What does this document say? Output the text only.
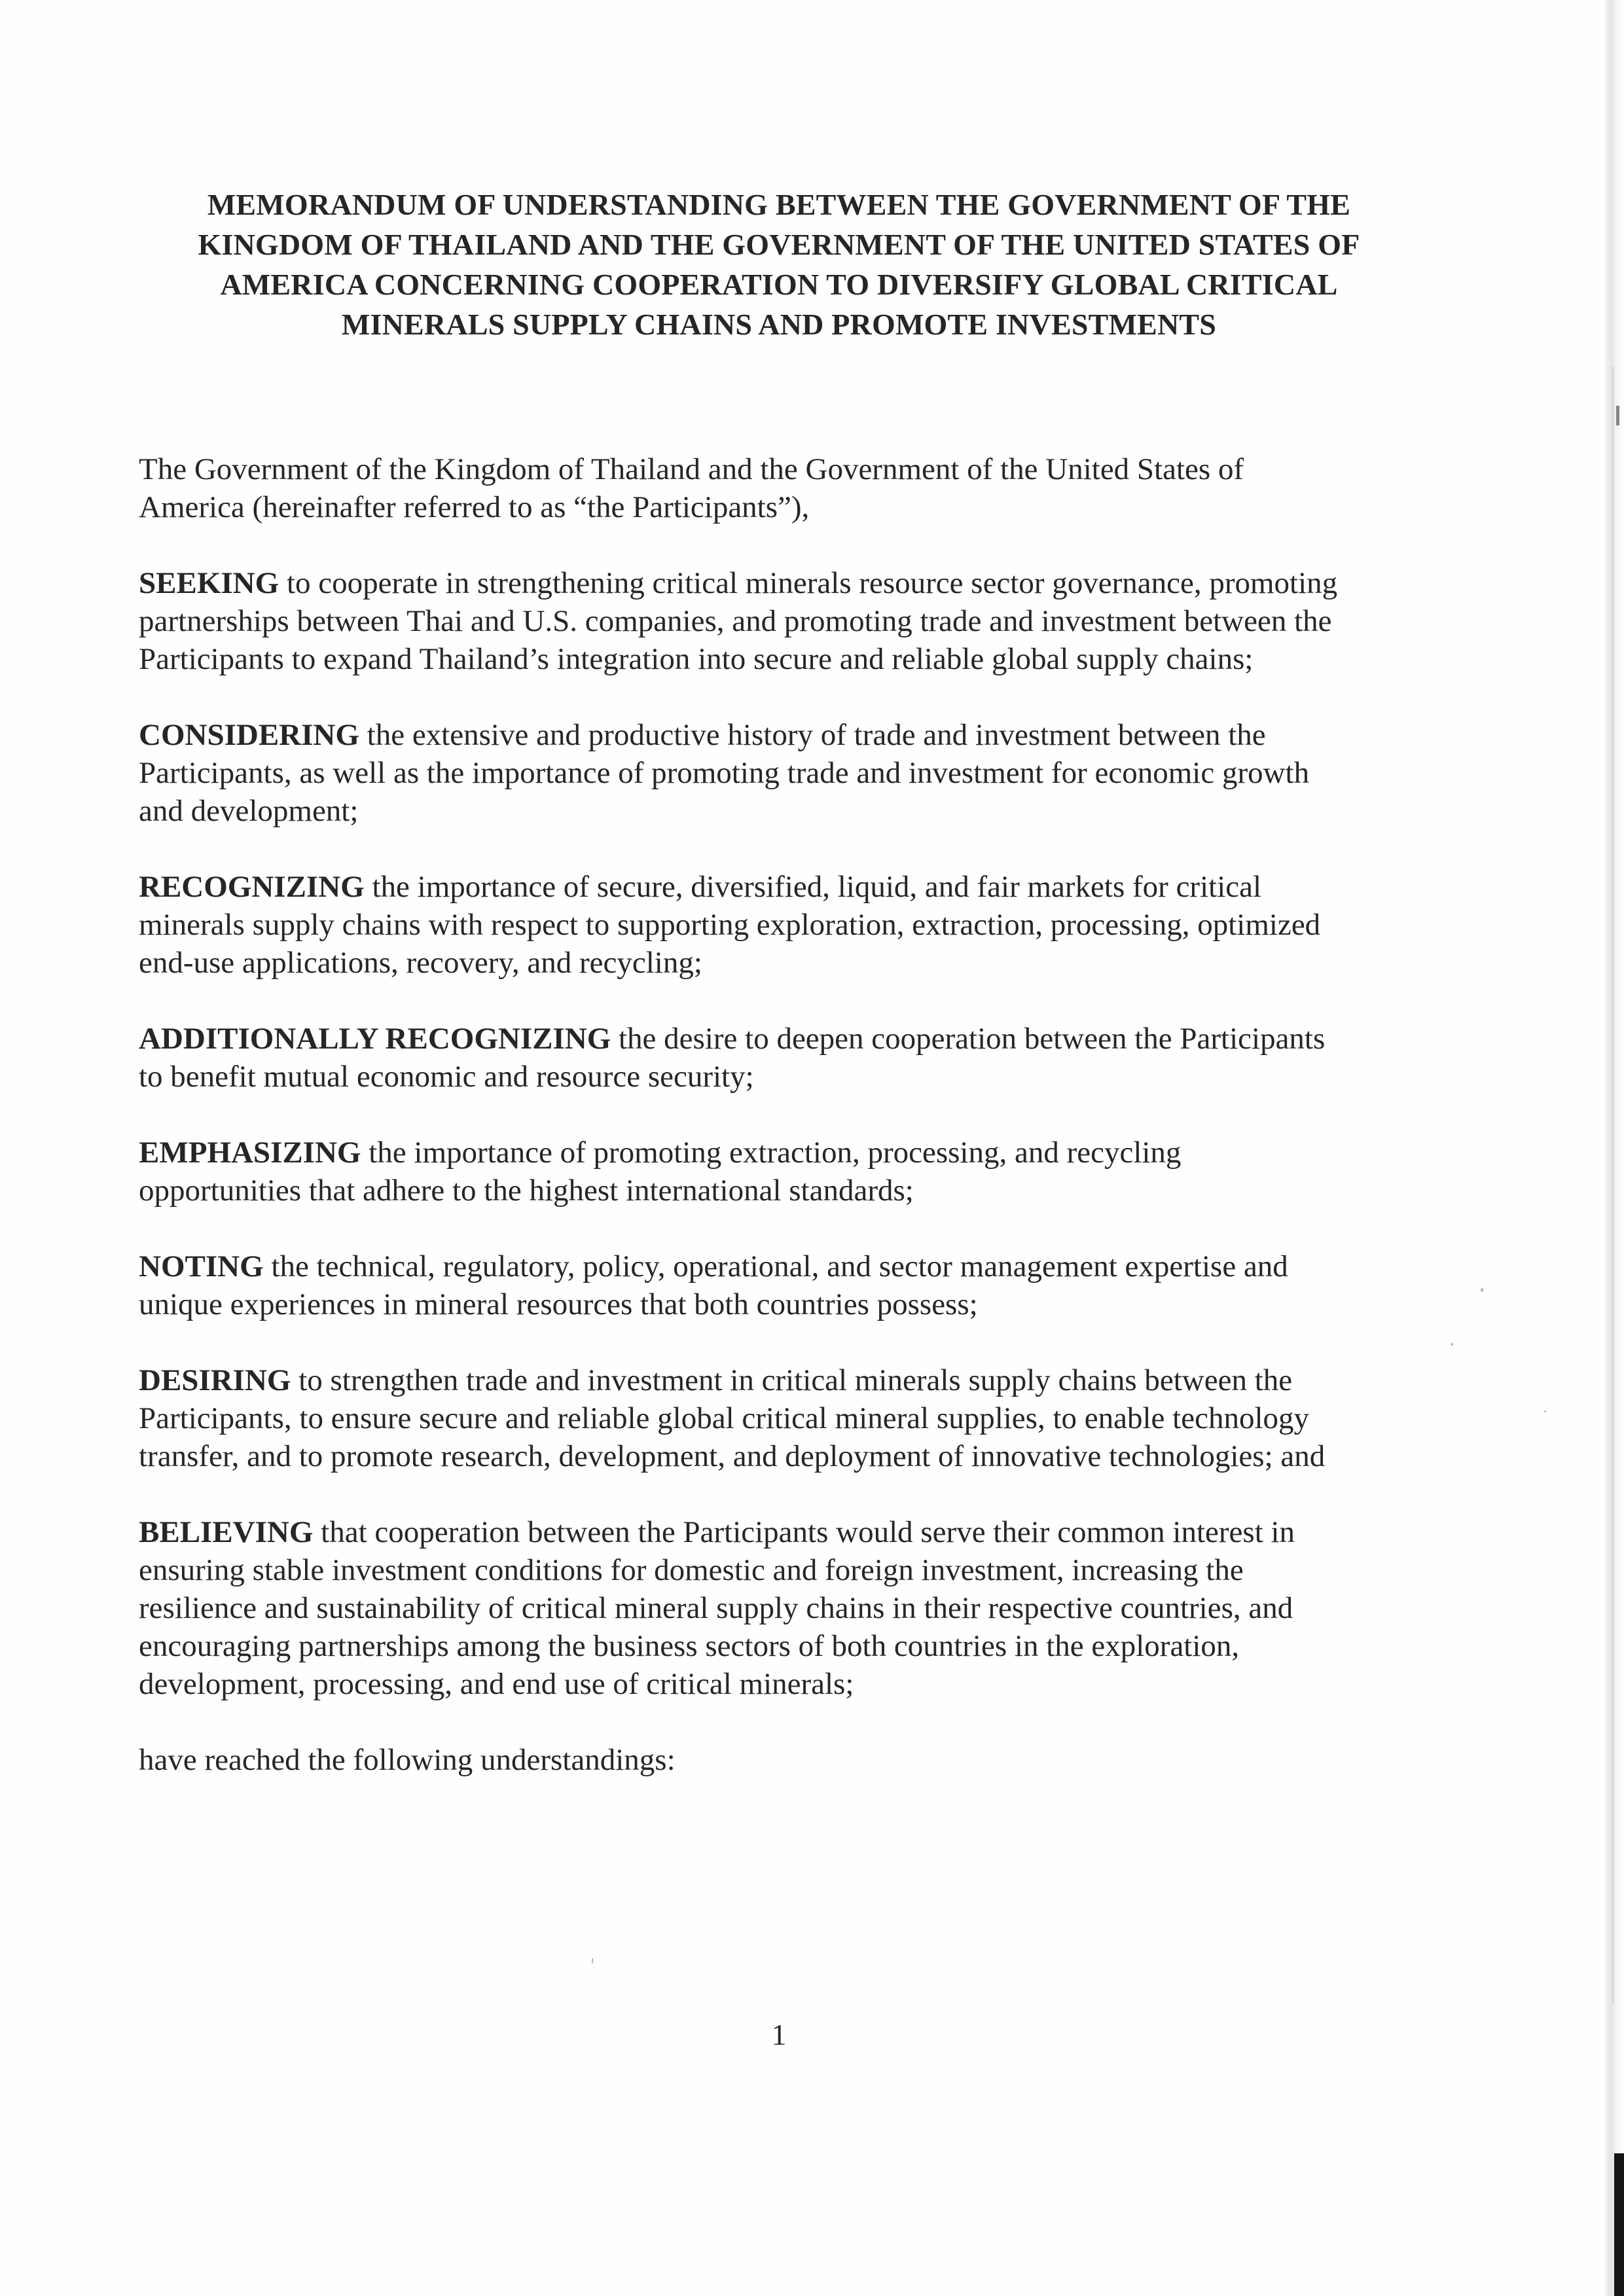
MEMORANDUM OF UNDERSTANDING BETWEEN THE GOVERNMENT OF THE
KINGDOM OF THAILAND AND THE GOVERNMENT OF THE UNITED STATES OF
AMERICA CONCERNING COOPERATION TO DIVERSIFY GLOBAL CRITICAL
MINERALS SUPPLY CHAINS AND PROMOTE INVESTMENTS

The Government of the Kingdom of Thailand and the Government of the United States of
America (hereinafter referred to as “the Participants”),

SEEKING to cooperate in strengthening critical minerals resource sector governance, promoting
partnerships between Thai and U.S. companies, and promoting trade and investment between the
Participants to expand Thailand’s integration into secure and reliable global supply chains;

CONSIDERING the extensive and productive history of trade and investment between the
Participants, as well as the importance of promoting trade and investment for economic growth
and development;

RECOGNIZING the importance of secure, diversified, liquid, and fair markets for critical
minerals supply chains with respect to supporting exploration, extraction, processing, optimized
end-use applications, recovery, and recycling;

ADDITIONALLY RECOGNIZING the desire to deepen cooperation between the Participants
to benefit mutual economic and resource security;

EMPHASIZING the importance of promoting extraction, processing, and recycling
opportunities that adhere to the highest international standards;

NOTING the technical, regulatory, policy, operational, and sector management expertise and
unique experiences in mineral resources that both countries possess;

DESIRING to strengthen trade and investment in critical minerals supply chains between the
Participants, to ensure secure and reliable global critical mineral supplies, to enable technology
transfer, and to promote research, development, and deployment of innovative technologies; and

BELIEVING that cooperation between the Participants would serve their common interest in
ensuring stable investment conditions for domestic and foreign investment, increasing the
resilience and sustainability of critical mineral supply chains in their respective countries, and
encouraging partnerships among the business sectors of both countries in the exploration,
development, processing, and end use of critical minerals;

have reached the following understandings:

1
